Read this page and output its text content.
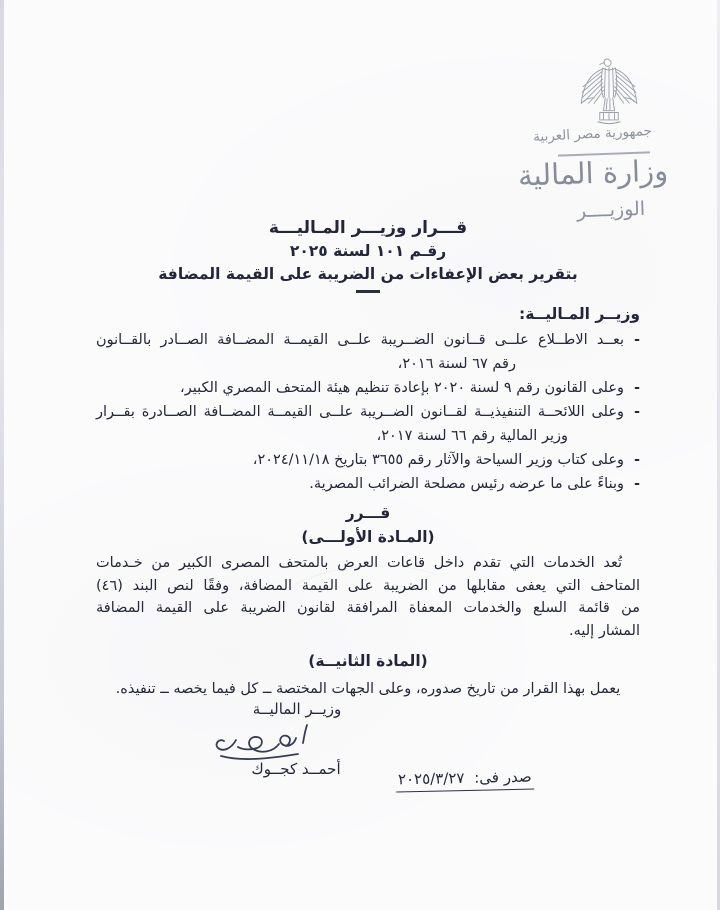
جمهورية مصر العربية
وزارة المالية
الوزيــــر
قـــرار وزيـــر المـاليـــة
رقـم ١٠١ لسنة ٢٠٢٥
بتقرير بعض الإعفاءات من الضريبة على القيمة المضافة
وزيــر المـاليــة:
-
بعــد الاطــلاع علــى قــانون الضــريبة علــى القيمــة المضــافة الصــادر بالقــانون
رقم ٦٧ لسنة ٢٠١٦،
-
وعلى القانون رقم ٩ لسنة ٢٠٢٠ بإعادة تنظيم هيئة المتحف المصري الكبير،
-
وعلى اللائحــة التنفيذيــة لقــانون الضــريبة علــى القيمــة المضــافة الصــادرة بقــرار
وزير المالية رقم ٦٦ لسنة ٢٠١٧،
-
وعلى كتاب وزير السياحة والآثار رقم ٣٦٥٥ بتاريخ ٢٠٢٤/١١/١٨،
-
وبناءً على ما عرضه رئيس مصلحة الضرائب المصرية.
قـــرر
(المـادة الأولـــى)
تُعد الخدمات التي تقدم داخل قاعات العرض بالمتحف المصرى الكبير من خـدمات
المتاحف التي يعفى مقابلها من الضريبة على القيمة المضافة، وفقًا لنص البند (٤٦)
من قائمة السلع والخدمات المعفاة المرافقة لقانون الضريبة على القيمة المضافة
المشار إليه.
(المادة الثانيــة)
يعمل بهذا القرار من تاريخ صدوره، وعلى الجهات المختصة ــ كل فيما يخصه ــ تنفيذه.
وزيــر الماليــة
أحمــد كجــوك	صدر فى: ٢٠٢٥/٣/٢٧
